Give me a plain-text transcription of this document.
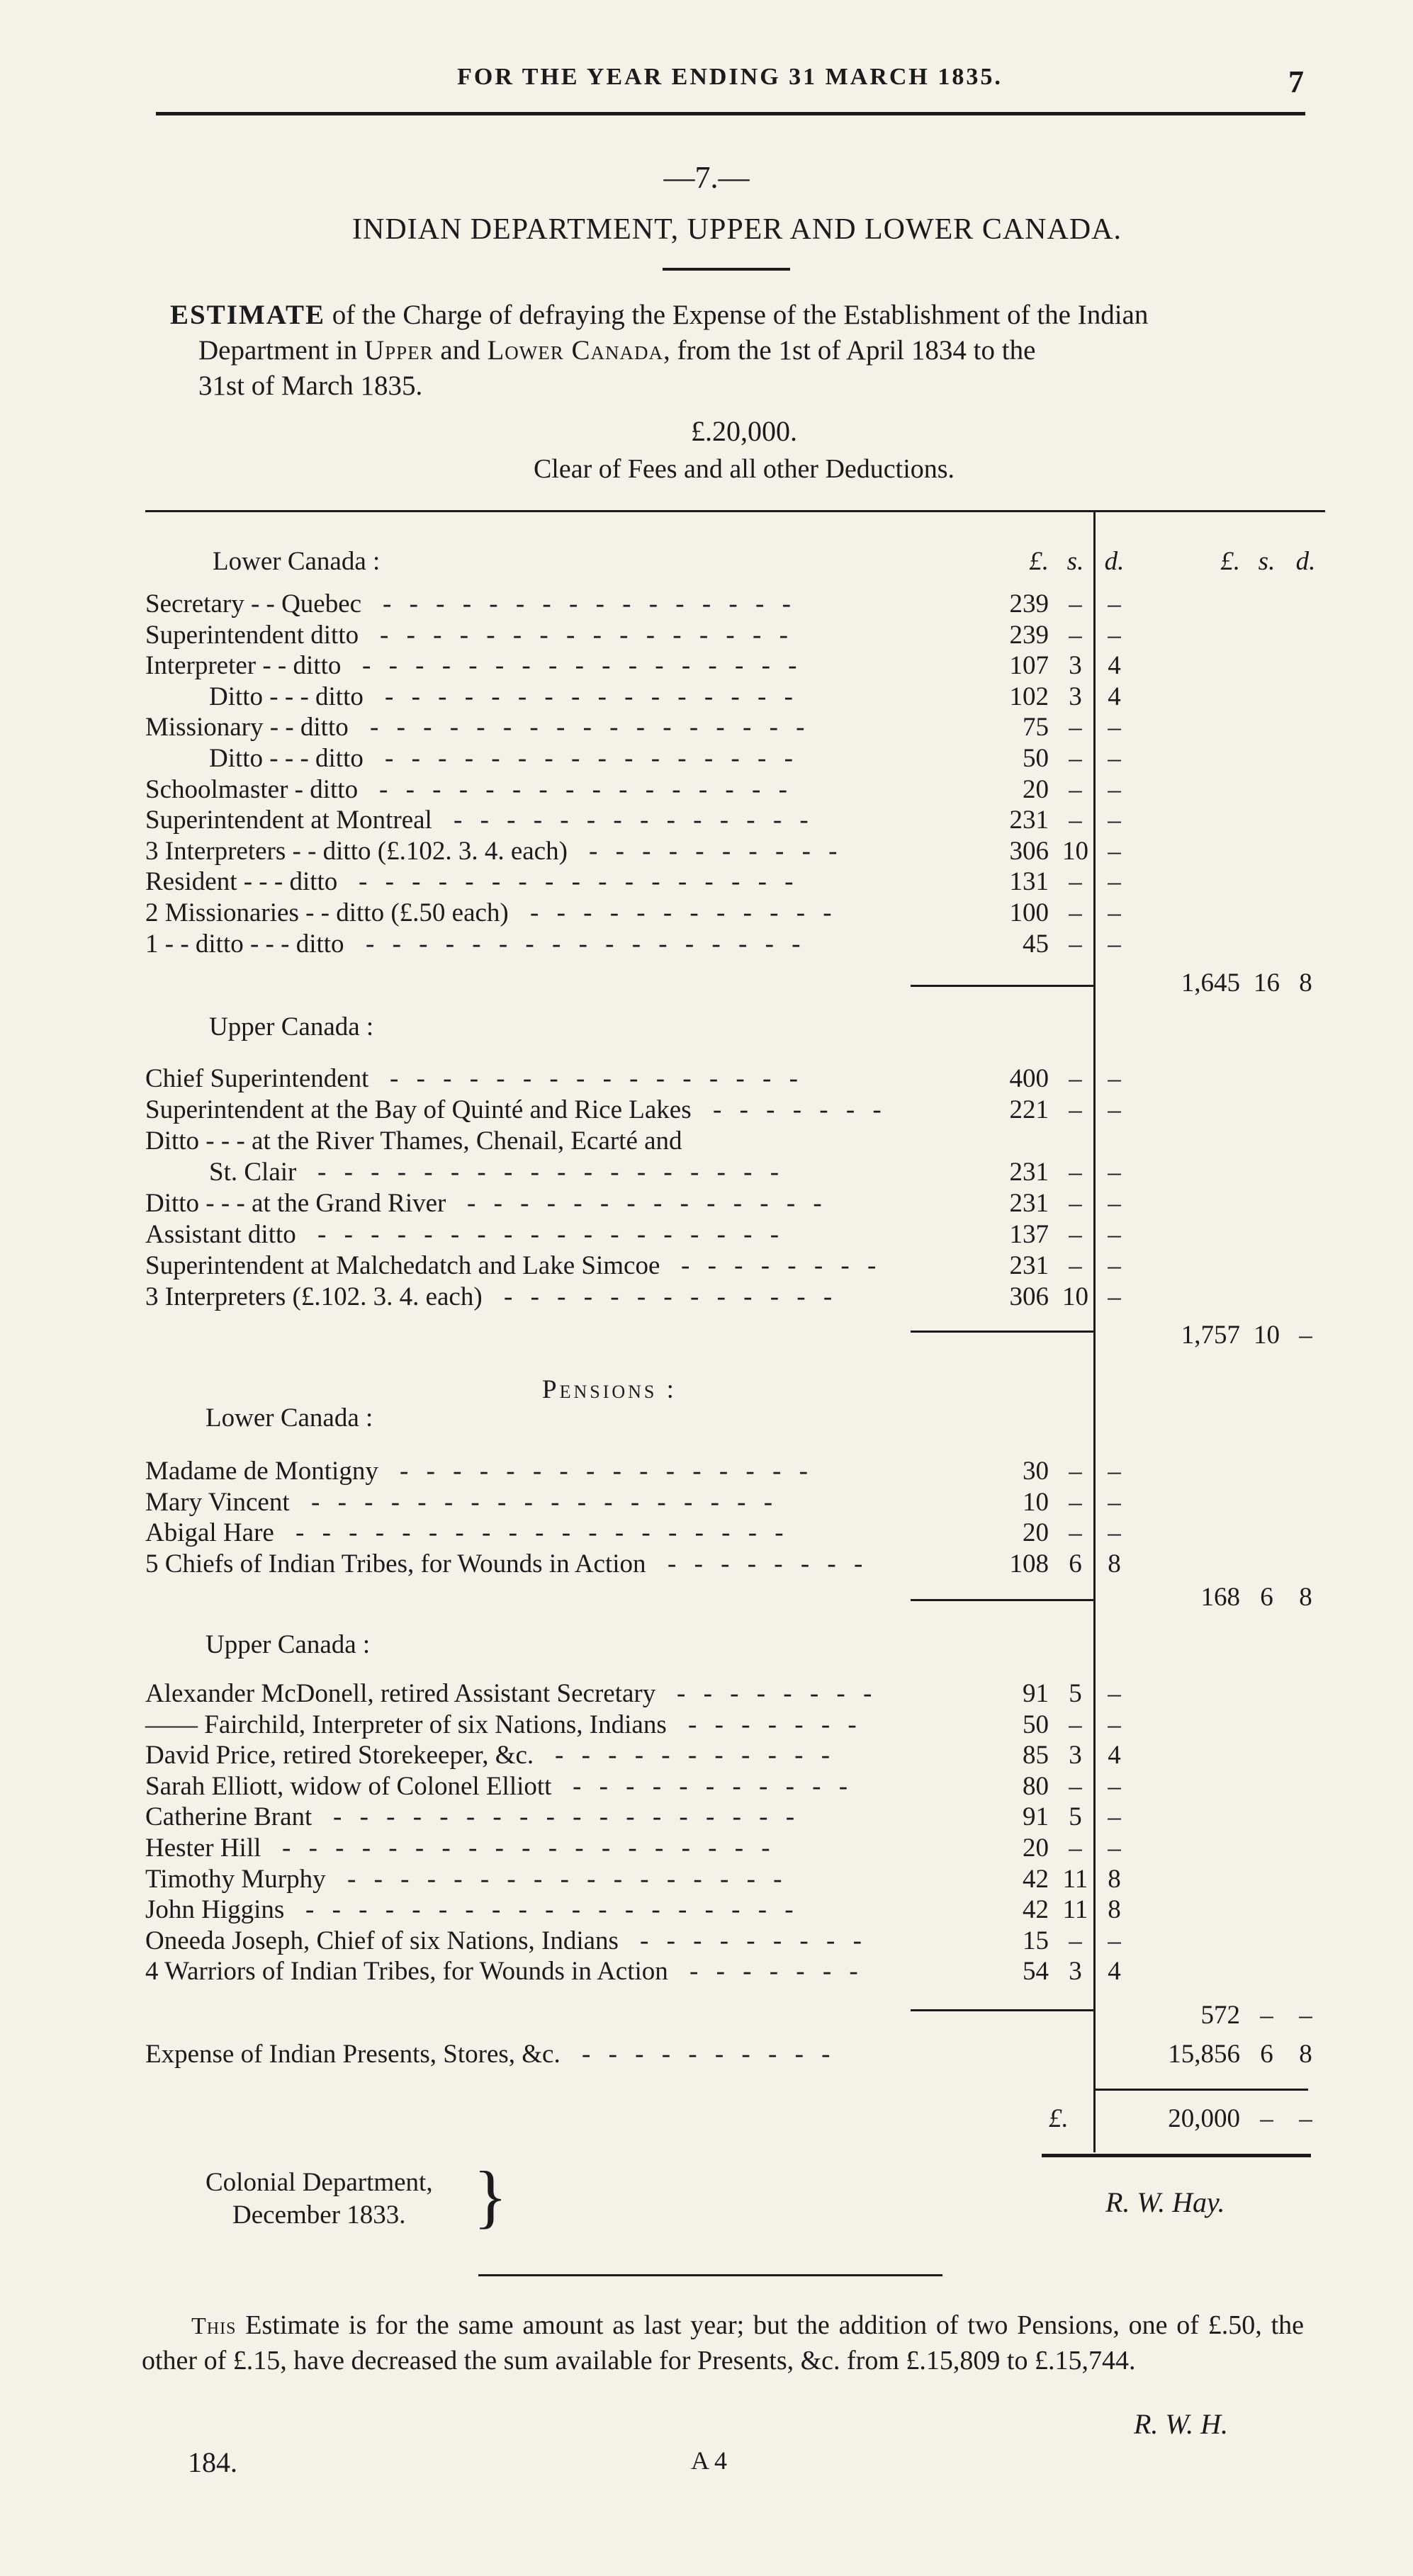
FOR THE YEAR ENDING 31 MARCH 1835.	7
—7.—
INDIAN DEPARTMENT, UPPER AND LOWER CANADA.
ESTIMATE of the Charge of defraying the Expense of the Establishment of the Indian
Department in Upper and Lower Canada, from the 1st of April 1834 to the
31st of March 1835.
£.20,000.
Clear of Fees and all other Deductions.
Lower Canada :	£. s. d.	£. s. d.
Secretary - - Quebec - - - - - - - - - - - - - - - -	239 – –
Superintendent ditto - - - - - - - - - - - - - - - -	239 – –
Interpreter - - ditto - - - - - - - - - - - - - - - - -	107 3 4
Ditto - - - ditto - - - - - - - - - - - - - - - -	102 3 4
Missionary - - ditto - - - - - - - - - - - - - - - - -	75 – –
Ditto - - - ditto - - - - - - - - - - - - - - - -	50 – –
Schoolmaster - ditto - - - - - - - - - - - - - - - -	20 – –
Superintendent at Montreal - - - - - - - - - - - - - -	231 – –
3 Interpreters - - ditto (£.102. 3. 4. each) - - - - - - - - - -	306 10 –
Resident - - - ditto - - - - - - - - - - - - - - - - -	131 – –
2 Missionaries - - ditto (£.50 each) - - - - - - - - - - - -	100 – –
1 - - ditto - - - ditto - - - - - - - - - - - - - - - - -	45 – –
1,645 16 8
Upper Canada :
Chief Superintendent - - - - - - - - - - - - - - - -	400 – –
Superintendent at the Bay of Quinté and Rice Lakes - - - - - - -	221 – –
Ditto - - - at the River Thames, Chenail, Ecarté and
St. Clair - - - - - - - - - - - - - - - - - -	231 – –
Ditto - - - at the Grand River - - - - - - - - - - - - - -	231 – –
Assistant ditto - - - - - - - - - - - - - - - - - -	137 – –
Superintendent at Malchedatch and Lake Simcoe - - - - - - - -	231 – –
3 Interpreters (£.102. 3. 4. each) - - - - - - - - - - - - -	306 10 –
1,757 10 –
Pensions :
Lower Canada :
Madame de Montigny - - - - - - - - - - - - - - - -	30 – –
Mary Vincent - - - - - - - - - - - - - - - - - -	10 – –
Abigal Hare - - - - - - - - - - - - - - - - - - -	20 – –
5 Chiefs of Indian Tribes, for Wounds in Action - - - - - - - -	108 6 8
168 6 8
Upper Canada :
Alexander McDonell, retired Assistant Secretary - - - - - - - -	91 5 –
—— Fairchild, Interpreter of six Nations, Indians - - - - - - -	50 – –
David Price, retired Storekeeper, &c. - - - - - - - - - - -	85 3 4
Sarah Elliott, widow of Colonel Elliott - - - - - - - - - - -	80 – –
Catherine Brant - - - - - - - - - - - - - - - - - -	91 5 –
Hester Hill - - - - - - - - - - - - - - - - - - -	20 – –
Timothy Murphy - - - - - - - - - - - - - - - - -	42 11 8
John Higgins - - - - - - - - - - - - - - - - - - -	42 11 8
Oneeda Joseph, Chief of six Nations, Indians - - - - - - - - -	15 – –
4 Warriors of Indian Tribes, for Wounds in Action - - - - - - -	54 3 4
572 – –
Expense of Indian Presents, Stores, &c. - - - - - - - - - -	15,856 6 8
£.	20,000 – –
Colonial Department,
December 1833. }	R. W. Hay.
This Estimate is for the same amount as last year; but the addition of two Pensions, one of £.50, the other of £.15, have decreased the sum available for Presents, &c. from £.15,809 to £.15,744.
R. W. H.
184.	A 4
